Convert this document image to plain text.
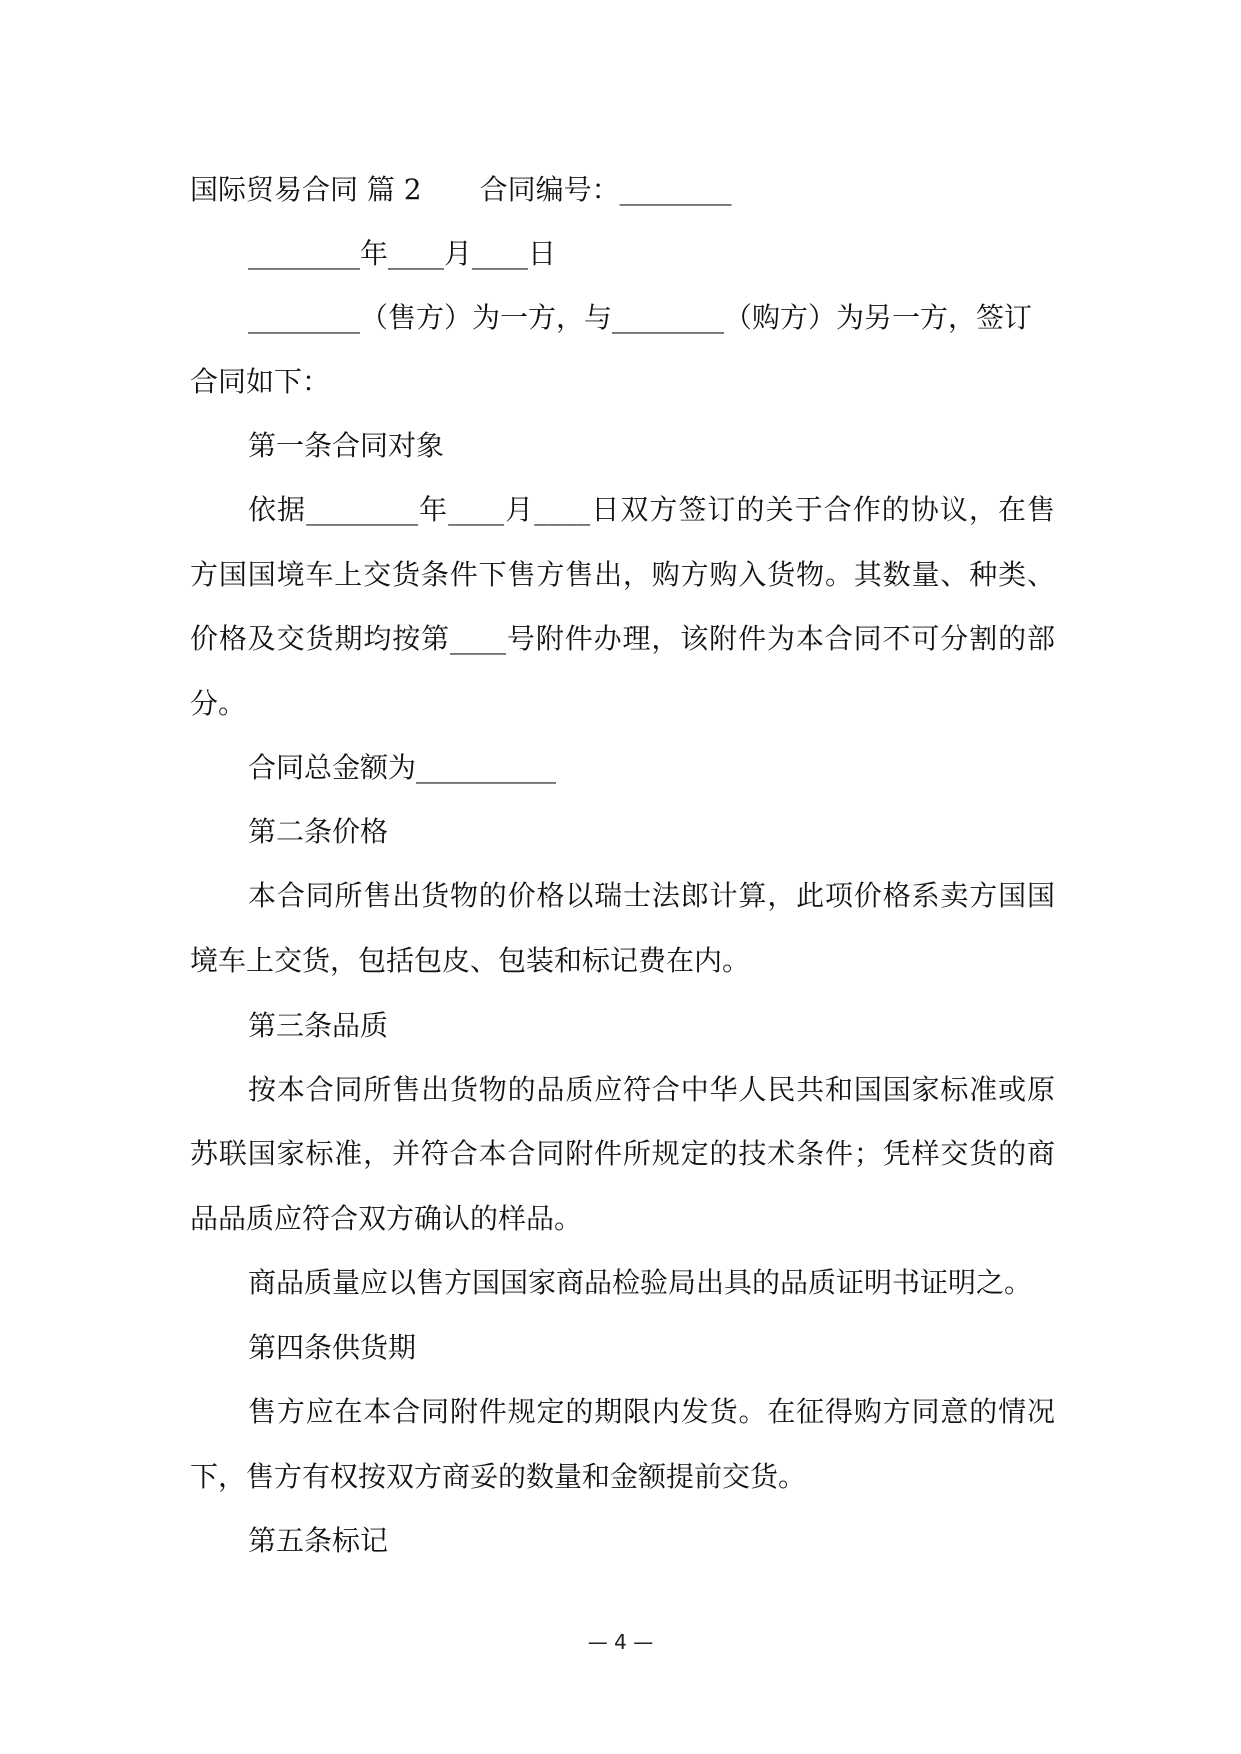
国际贸易合同 篇 2 合同编号：________
________年____月____日
________（售方）为一方，与________（购方）为另一方，签订
合同如下：
第一条合同对象

依据________年____月____日双方签订的关于合作的协议，在售方国国境车上交货条件下售方售出，购方购入货物。其数量、种类、价格及交货期均按第____号附件办理，该附件为本合同不可分割的部分。

合同总金额为__________
第二条价格

本合同所售出货物的价格以瑞士法郎计算，此项价格系卖方国国境车上交货，包括包皮、包装和标记费在内。

第三条品质

按本合同所售出货物的品质应符合中华人民共和国国家标准或原苏联国家标准，并符合本合同附件所规定的技术条件；凭样交货的商品品质应符合双方确认的样品。

商品质量应以售方国国家商品检验局出具的品质证明书证明之。

第四条供货期

售方应在本合同附件规定的期限内发货。在征得购方同意的情况下，售方有权按双方商妥的数量和金额提前交货。

第五条标记
— 4 —
